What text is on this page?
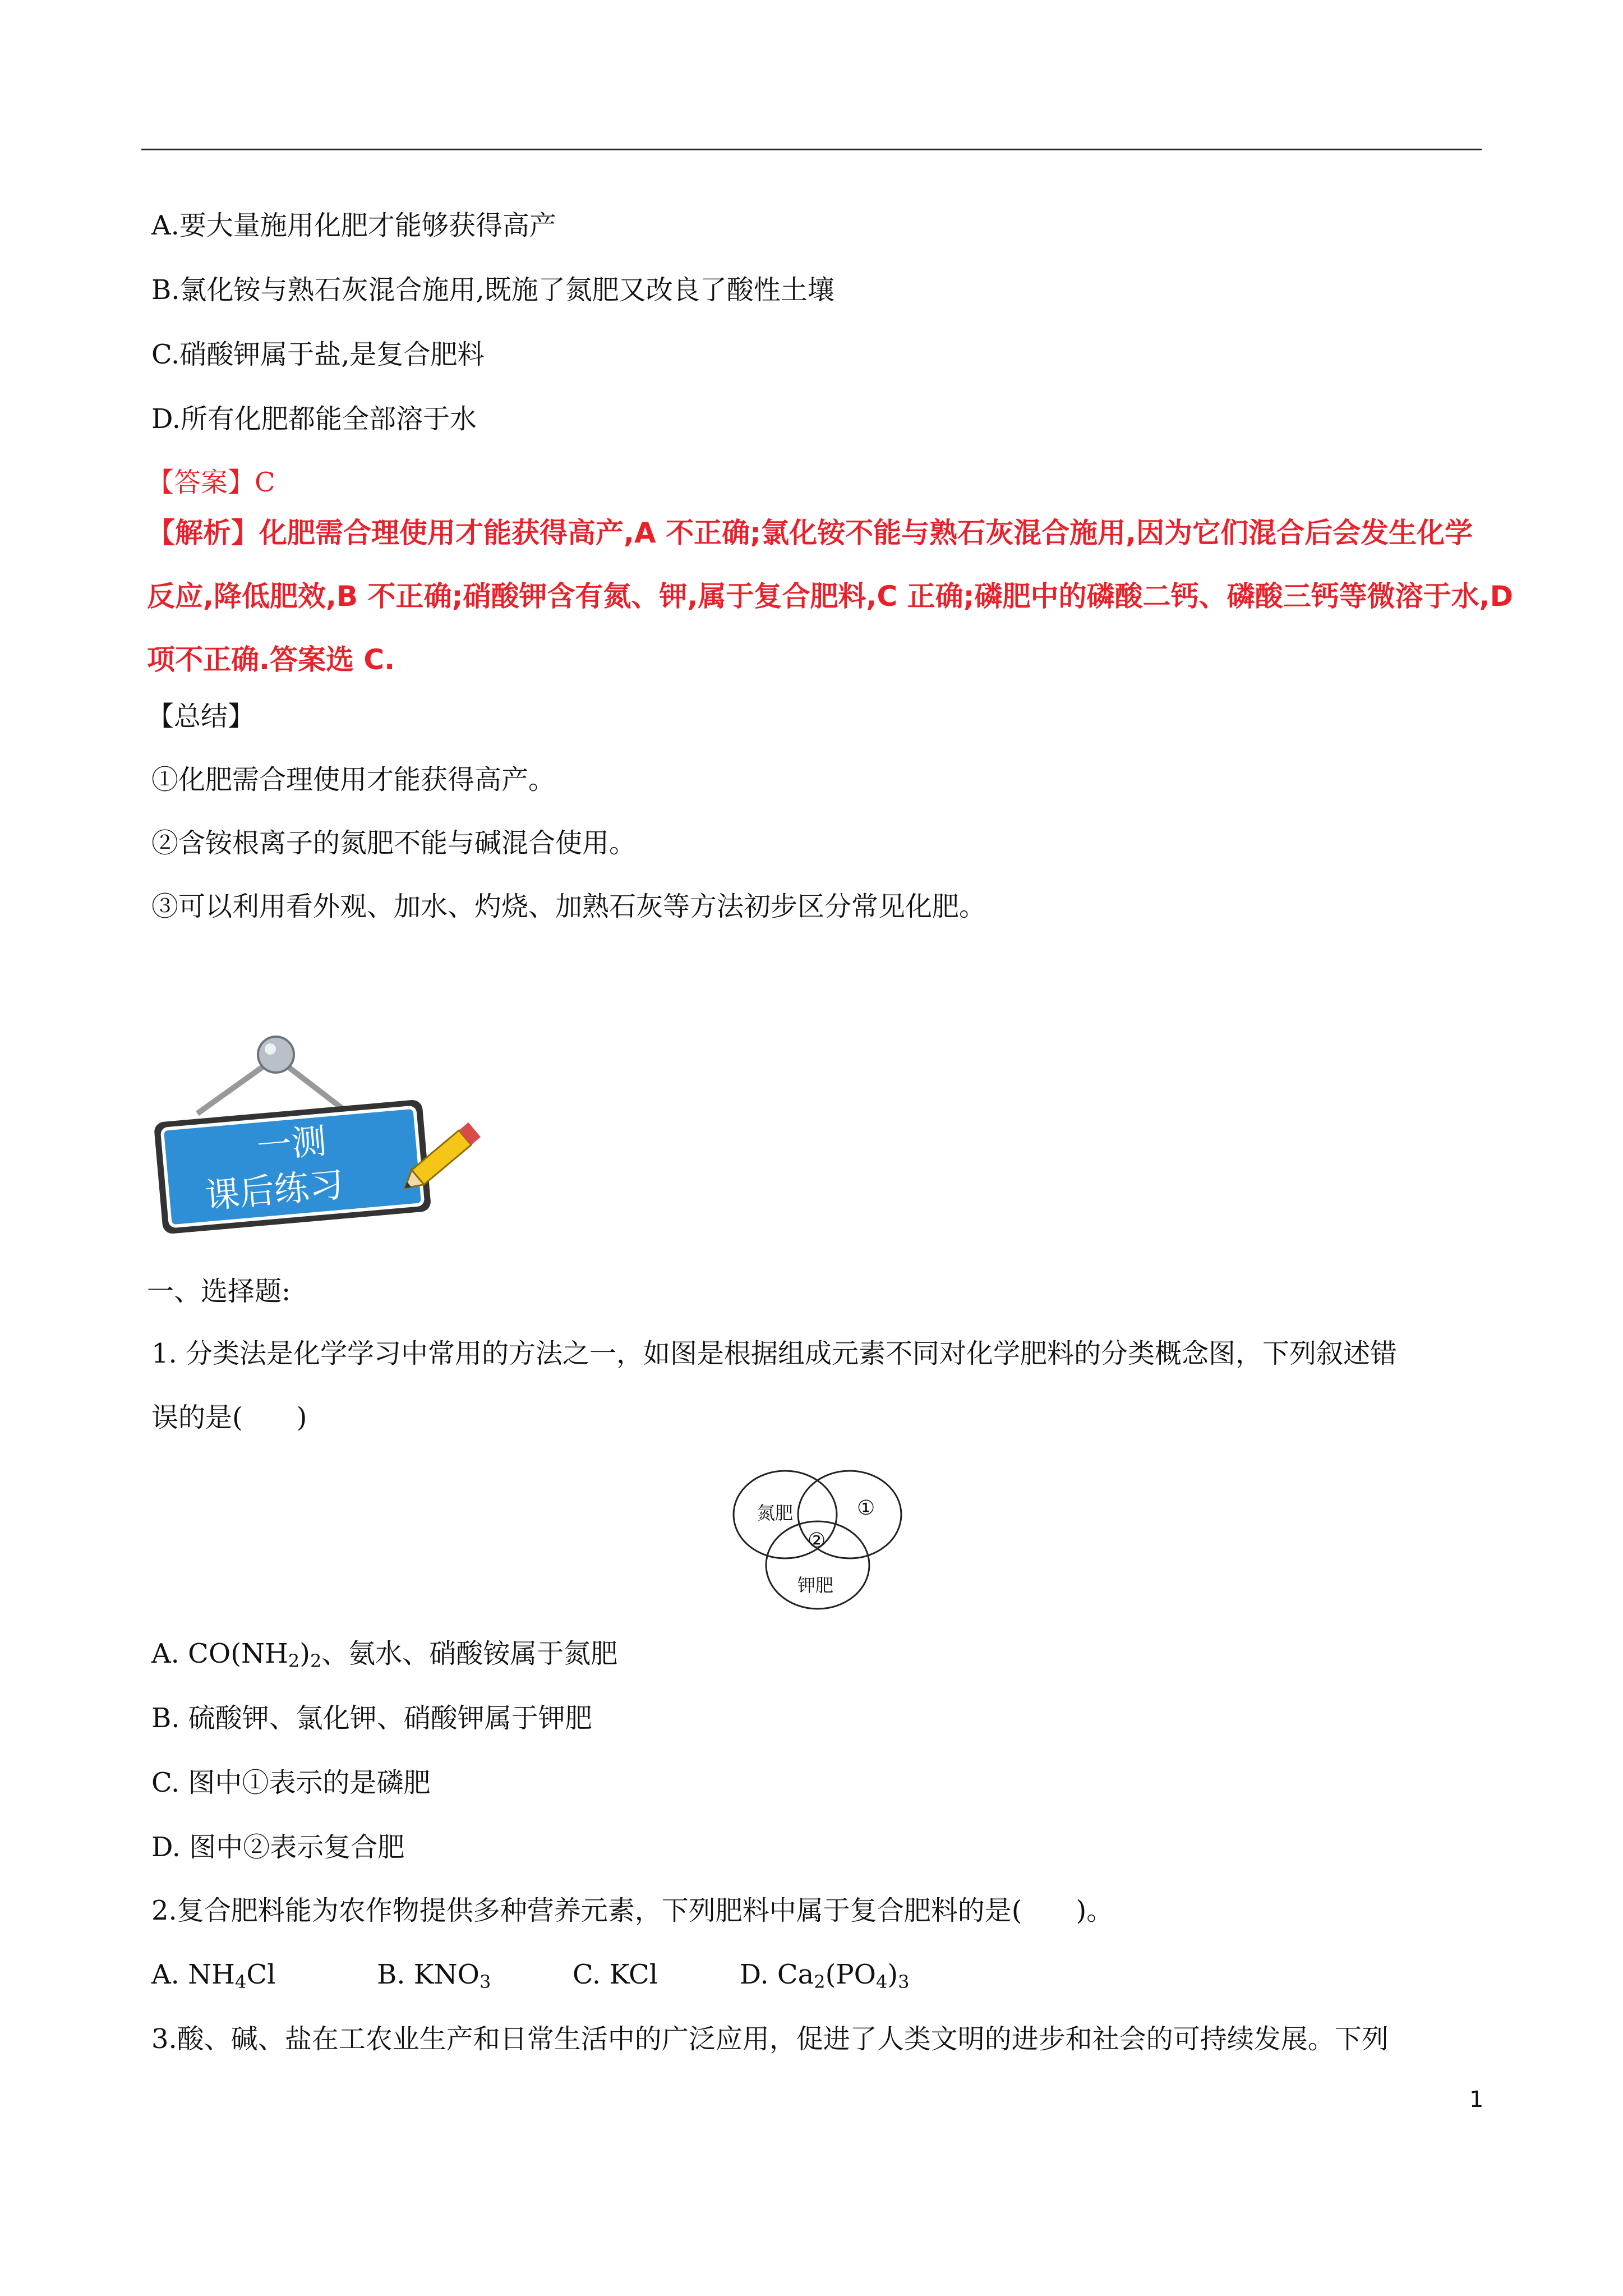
A.要大量施用化肥才能够获得高产
B.氯化铵与熟石灰混合施用,既施了氮肥又改良了酸性土壤
C.硝酸钾属于盐,是复合肥料
D.所有化肥都能全部溶于水
【答案】C
【解析】化肥需合理使用才能获得高产,A 不正确;氯化铵不能与熟石灰混合施用,因为它们混合后会发生化学
反应,降低肥效,B 不正确;硝酸钾含有氮、钾,属于复合肥料,C 正确;磷肥中的磷酸二钙、磷酸三钙等微溶于水,D
项不正确.答案选 C.
【总结】
①化肥需合理使用才能获得高产。
②含铵根离子的氮肥不能与碱混合使用。
③可以利用看外观、加水、灼烧、加熟石灰等方法初步区分常见化肥。
一测
课后练习
一、选择题:
1. 分类法是化学学习中常用的方法之一，如图是根据组成元素不同对化学肥料的分类概念图，下列叙述错
误的是(　　)
氮肥	①
②
钾肥
A. $CO(NH_2)_2$、氨水、硝酸铵属于氮肥
B. 硫酸钾、氯化钾、硝酸钾属于钾肥
C. 图中①表示的是磷肥
D. 图中②表示复合肥
2.复合肥料能为农作物提供多种营养元素，下列肥料中属于复合肥料的是(　　)。
A. $NH_4Cl$	B. $KNO_3$	C. KCl	D. $Ca_2(PO_4)_3$
3.酸、碱、盐在工农业生产和日常生活中的广泛应用，促进了人类文明的进步和社会的可持续发展。下列
1
